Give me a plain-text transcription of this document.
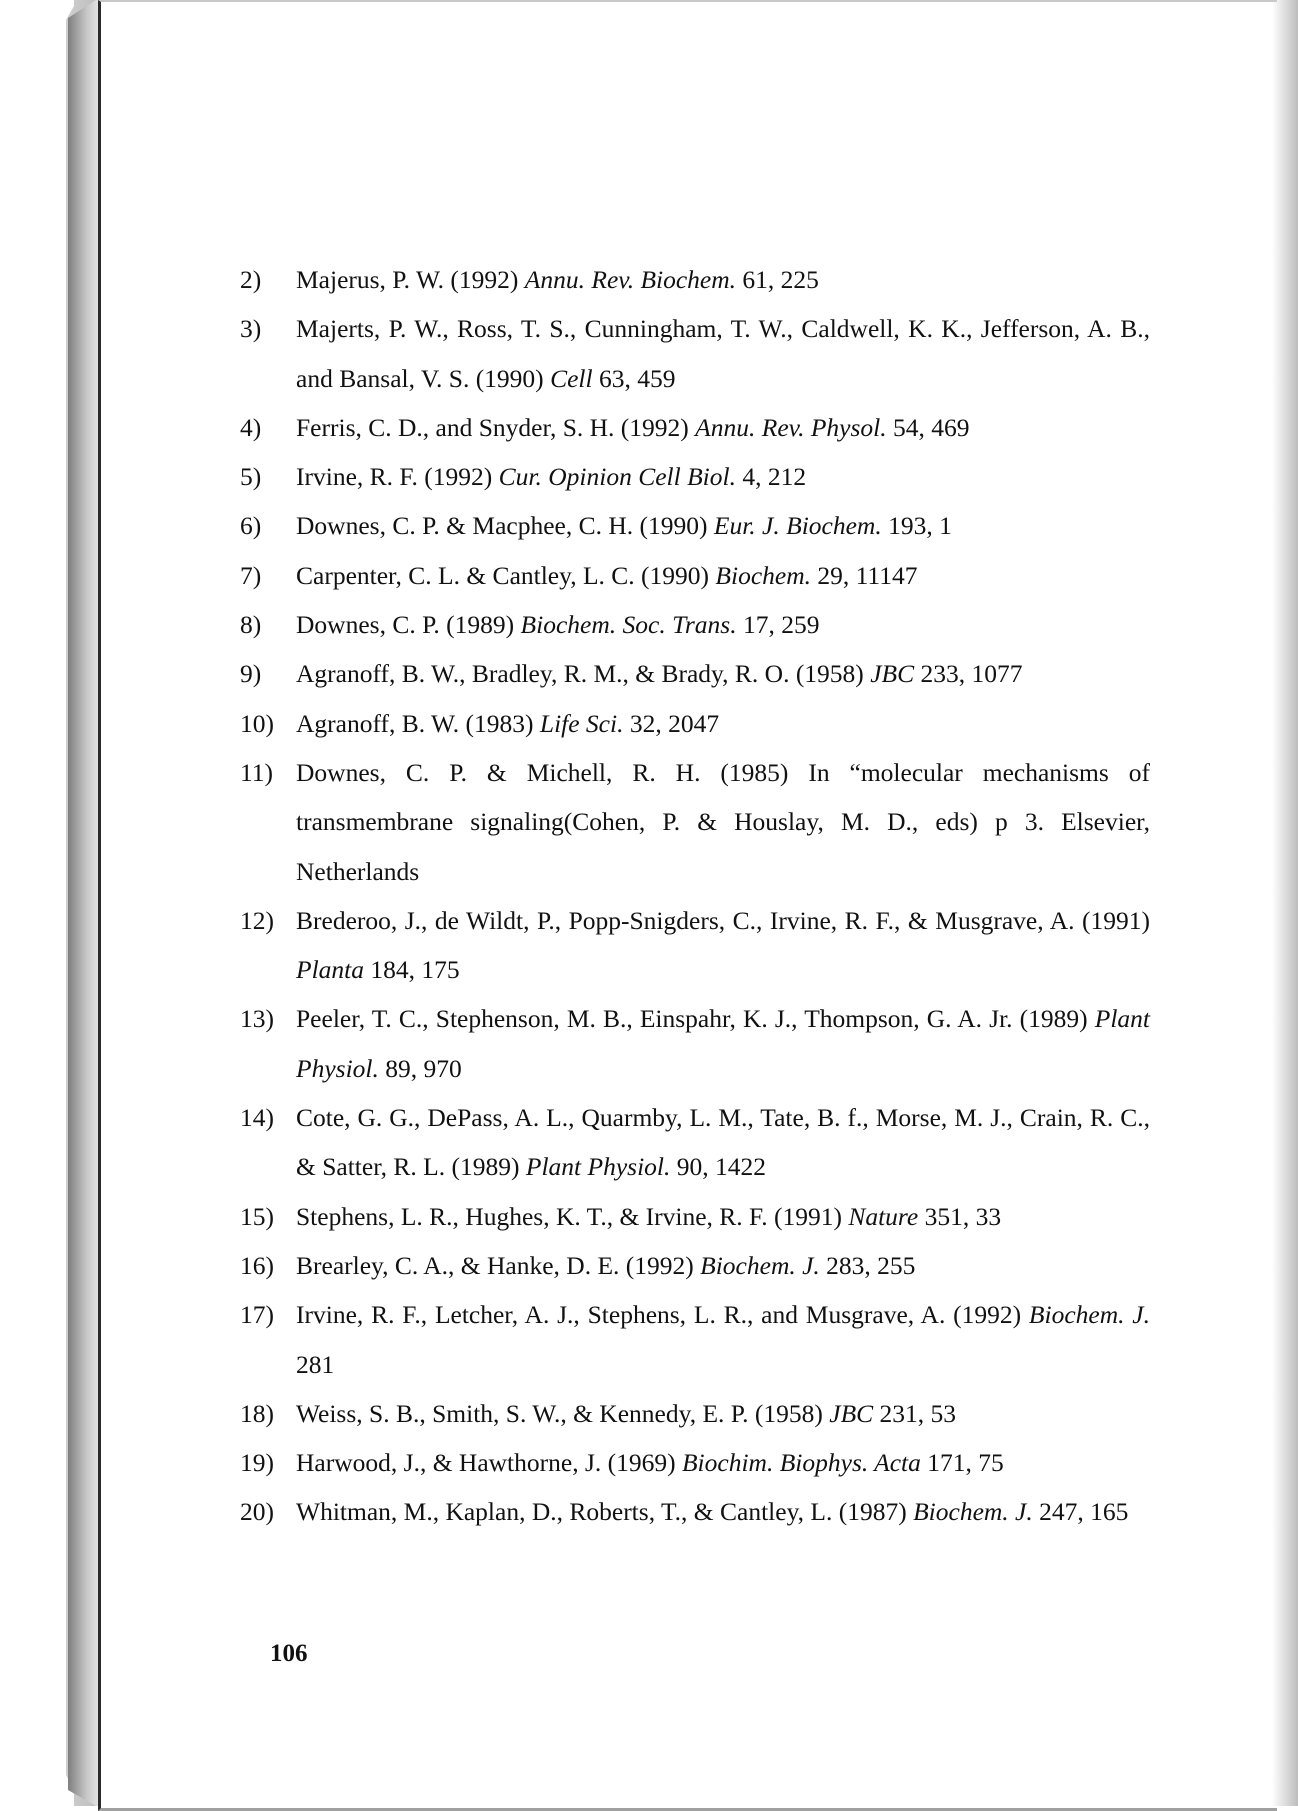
2)	Majerus, P. W. (1992) Annu. Rev. Biochem. 61, 225
3)	Majerts, P. W., Ross, T. S., Cunningham, T. W., Caldwell, K. K., Jefferson, A. B., and Bansal, V. S. (1990) Cell 63, 459
4)	Ferris, C. D., and Snyder, S. H. (1992) Annu. Rev. Physol. 54, 469
5)	Irvine, R. F. (1992) Cur. Opinion Cell Biol. 4, 212
6)	Downes, C. P. & Macphee, C. H. (1990) Eur. J. Biochem. 193, 1
7)	Carpenter, C. L. & Cantley, L. C. (1990) Biochem. 29, 11147
8)	Downes, C. P. (1989) Biochem. Soc. Trans. 17, 259
9)	Agranoff, B. W., Bradley, R. M., & Brady, R. O. (1958) JBC 233, 1077
10) Agranoff, B. W. (1983) Life Sci. 32, 2047
11) Downes, C. P. & Michell, R. H. (1985) In “molecular mechanisms of transmembrane signaling(Cohen, P. & Houslay, M. D., eds) p 3. Elsevier, Netherlands
12) Brederoo, J., de Wildt, P., Popp-Snigders, C., Irvine, R. F., & Musgrave, A. (1991) Planta 184, 175
13) Peeler, T. C., Stephenson, M. B., Einspahr, K. J., Thompson, G. A. Jr. (1989) Plant Physiol. 89, 970
14) Cote, G. G., DePass, A. L., Quarmby, L. M., Tate, B. f., Morse, M. J., Crain, R. C., & Satter, R. L. (1989) Plant Physiol. 90, 1422
15) Stephens, L. R., Hughes, K. T., & Irvine, R. F. (1991) Nature 351, 33
16) Brearley, C. A., & Hanke, D. E. (1992) Biochem. J. 283, 255
17) Irvine, R. F., Letcher, A. J., Stephens, L. R., and Musgrave, A. (1992) Biochem. J. 281
18) Weiss, S. B., Smith, S. W., & Kennedy, E. P. (1958) JBC 231, 53
19) Harwood, J., & Hawthorne, J. (1969) Biochim. Biophys. Acta 171, 75
20) Whitman, M., Kaplan, D., Roberts, T., & Cantley, L. (1987) Biochem. J. 247, 165
106
